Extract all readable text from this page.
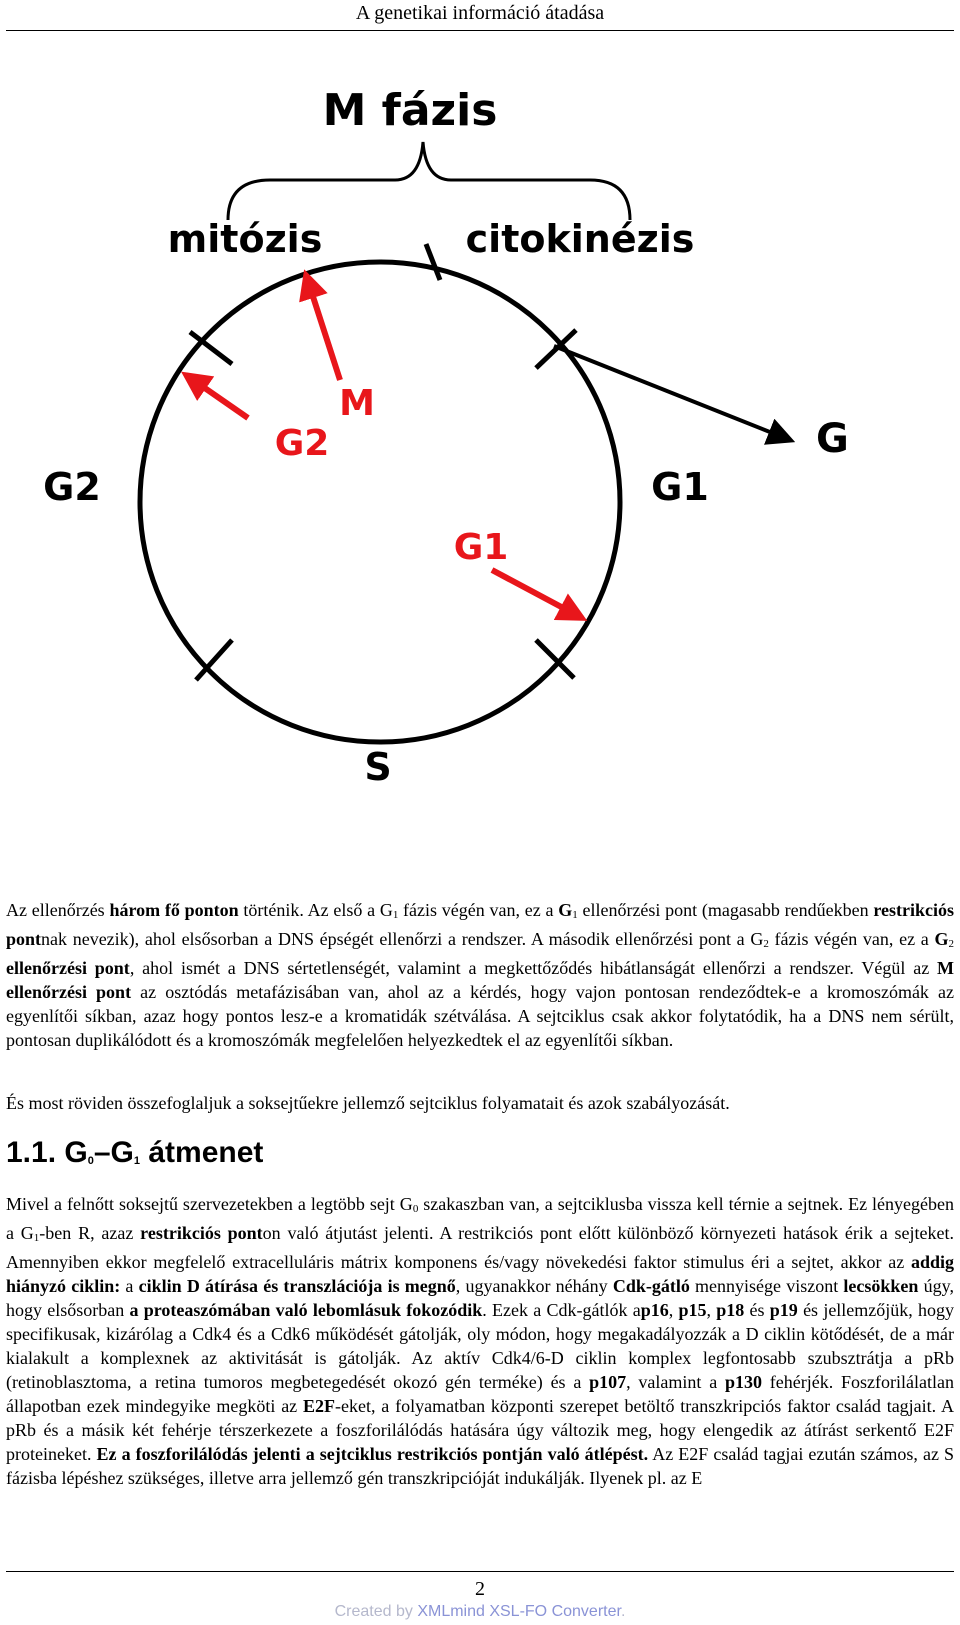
A genetikai információ átadása
M fázis
mitózis	citokinézis
G
M
G2
G1
G2	G1
S
Az ellenőrzés három fő ponton történik. Az első a $G_1$ fázis végén van, ez a $G_1$ ellenőrzési pont (magasabb rendűekben restrikciós pontnak nevezik), ahol elsősorban a DNS épségét ellenőrzi a rendszer. A második ellenőrzési pont a $G_2$ fázis végén van, ez a $G_2$ ellenőrzési pont, ahol ismét a DNS sértetlenségét, valamint a megkettőződés hibátlanságát ellenőrzi a rendszer. Végül az M ellenőrzési pont az osztódás metafázisában van, ahol az a kérdés, hogy vajon pontosan rendeződtek-e a kromoszómák az egyenlítői síkban, azaz hogy pontos lesz-e a kromatidák szétválása. A sejtciklus csak akkor folytatódik, ha a DNS nem sérült, pontosan duplikálódott és a kromoszómák megfelelően helyezkedtek el az egyenlítői síkban.
És most röviden összefoglaljuk a soksejtűekre jellemző sejtciklus folyamatait és azok szabályozását.
1.1. $G_0-G_1$ átmenet
Mivel a felnőtt soksejtű szervezetekben a legtöbb sejt $G_0$ szakaszban van, a sejtciklusba vissza kell térnie a sejtnek. Ez lényegében a $G_1$-ben R, azaz restrikciós ponton való átjutást jelenti. A restrikciós pont előtt különböző környezeti hatások érik a sejteket. Amennyiben ekkor megfelelő extracelluláris mátrix komponens és/vagy növekedési faktor stimulus éri a sejtet, akkor az addig hiányzó ciklin: a ciklin D átírása és transzlációja is megnő, ugyanakkor néhány Cdk-gátló mennyisége viszont lecsökken úgy, hogy elsősorban a proteaszómában való lebomlásuk fokozódik. Ezek a Cdk-gátlók ap16, p15, p18 és p19 és jellemzőjük, hogy specifikusak, kizárólag a Cdk4 és a Cdk6 működését gátolják, oly módon, hogy megakadályozzák a D ciklin kötődését, de a már kialakult a komplexnek az aktivitását is gátolják. Az aktív Cdk4/6-D ciklin komplex legfontosabb szubsztrátja a pRb (retinoblasztoma, a retina tumoros megbetegedését okozó gén terméke) és a p107, valamint a p130 fehérjék. Foszforilálatlan állapotban ezek mindegyike megköti az E2F-eket, a folyamatban központi szerepet betöltő transzkripciós faktor család tagjait. A pRb és a másik két fehérje térszerkezete a foszforilálódás hatására úgy változik meg, hogy elengedik az átírást serkentő E2F proteineket. Ez a foszforilálódás jelenti a sejtciklus restrikciós pontján való átlépést. Az E2F család tagjai ezután számos, az S fázisba lépéshez szükséges, illetve arra jellemző gén transzkripcióját indukálják. Ilyenek pl. az E
2
Created by XMLmind XSL-FO Converter.
